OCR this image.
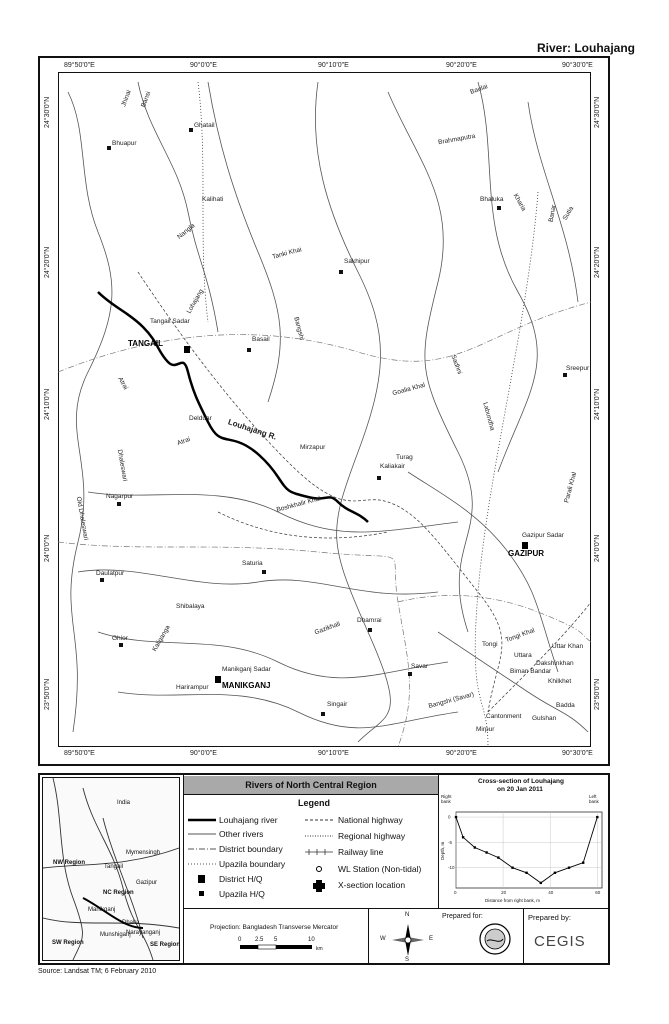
River: Louhajang
89°50'0"E	90°0'0"E	90°10'0"E	90°20'0"E	90°30'0"E
89°50'0"E	90°0'0"E	90°10'0"E	90°20'0"E	90°30'0"E
24°30'0"N
24°20'0"N
24°10'0"N
24°0'0"N
23°50'0"N
24°30'0"N
24°20'0"N
24°10'0"N
24°0'0"N
23°50'0"N
TANGAIL
GAZIPUR
MANIKGANJ
Bhuapur
Ghatail
Kalihati
Sakhipur
Basail
Tangail Sadar
Delduar
Mirzapur
Nagarpur
Kaliakair
Sreepur
Bhaluka
Gazipur Sadar
Saturia
Dhamrai
Manikganj Sadar
Singair
Savar
Tongi	Uttar Khan
Dakshinkhan
Khilkhet
Badda
Gulshan
Cantonment
Mirpur
Uttara
Biman Bandar
Daulatpur
Ghior
Shibalaya
Harirampur
Louhajang R.
Jhinai Bansi
Nangla
Tanki Khai
Bangshi
Lohajang
Atrai
Atrai
Dhaleswari
Old Dhaleswari	Boshkhalir Khal
Turag
Goalia Khal
Sadhni
Labundha
Bangshi (Savar)
Baulai
Kaliganga	Gazikhali
Parali Khal
Sutia
Banar
Kharia
Brahmaputra
Tongi Khal
India
NW Region
NC Region
SW Region	SE Region
Dhaka
Tangail
Manikganj
Gazipur
Mymensingh
Narayanganj
Munshiganj
Rivers of North Central Region
Legend
Louhajang river
Other rivers
District boundary
Upazila boundary
District H/Q
Upazila H/Q
National highway
Regional highway
Railway line
WL Station (Non-tidal)
X-section location
Projection: Bangladesh Transverse Mercator
0 2.5 5	10
km
N
S
E
W
Prepared for:	Prepared by:
CEGIS
Cross-section of Louhajang
on 20 Jan 2011
Right bank
Left bank
Depth, m
Distance from right bank, m
0	20	40	60
0
-5
-10
Source: Landsat TM; 6 February 2010
